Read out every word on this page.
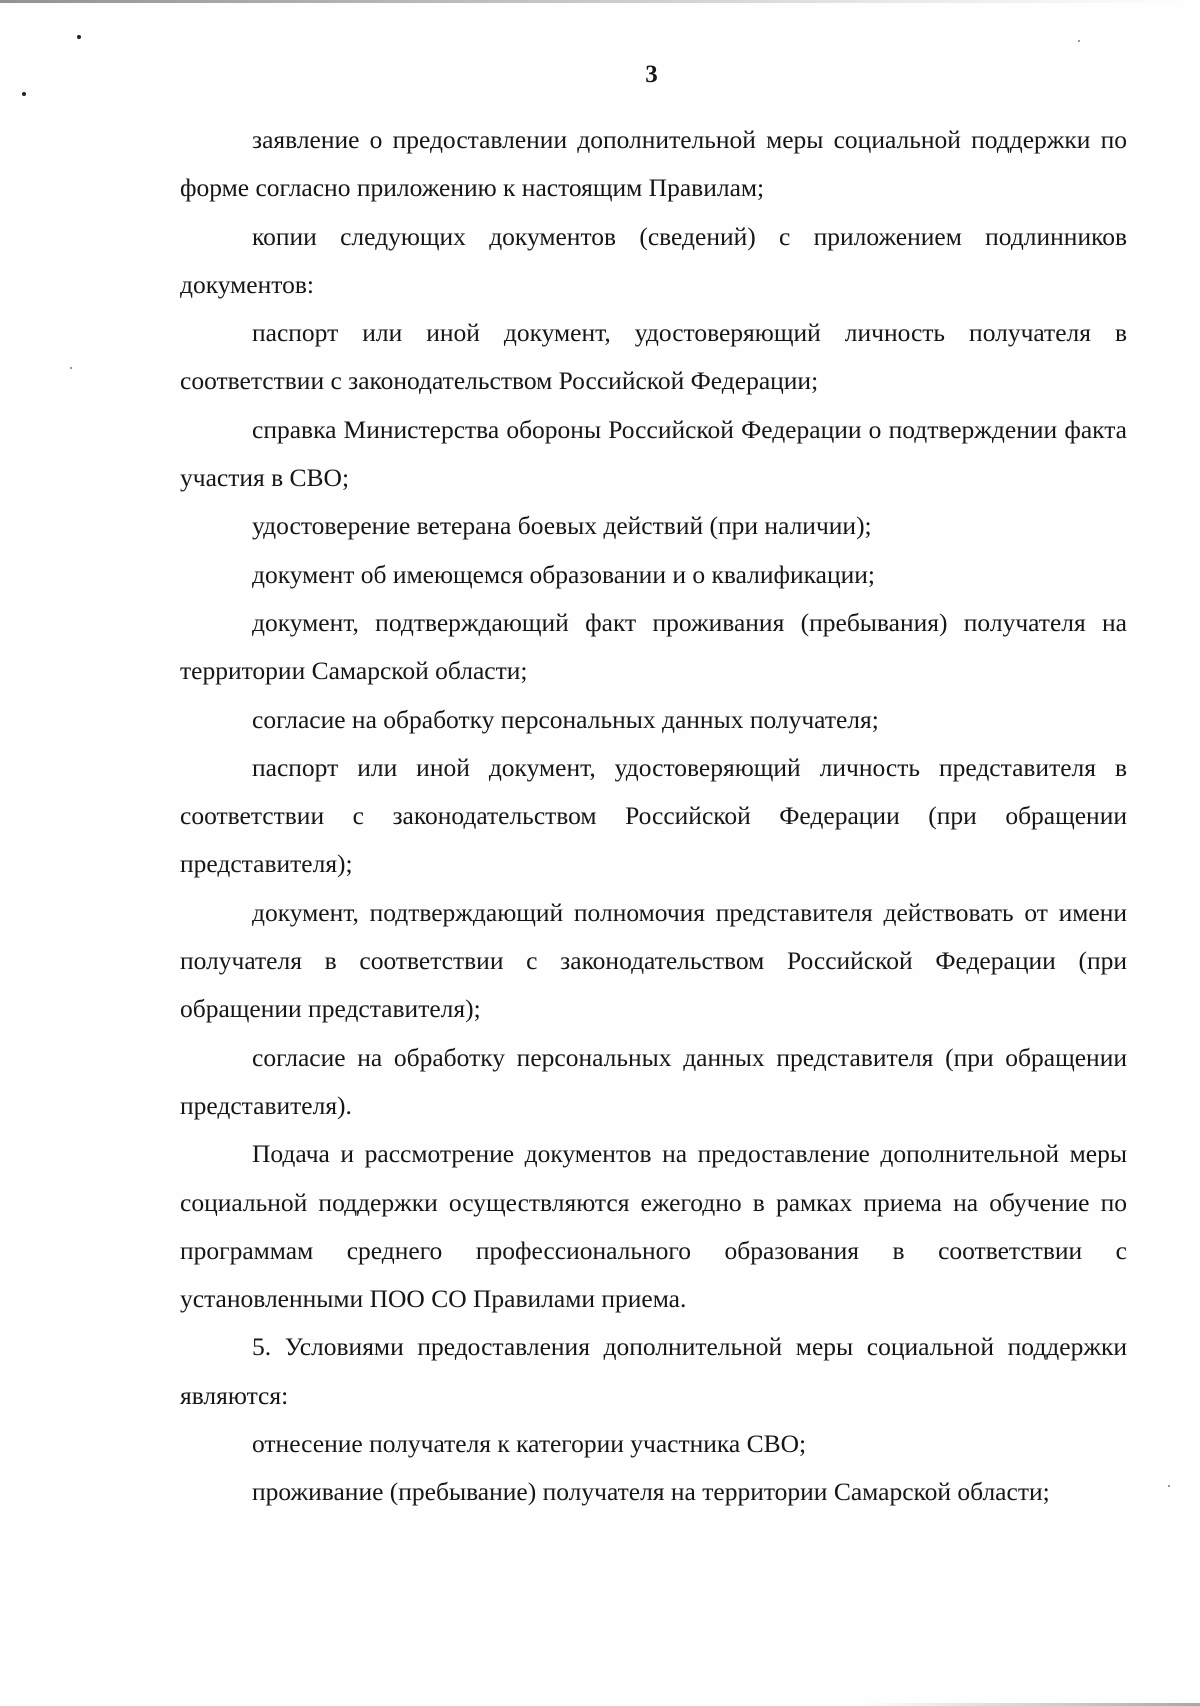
3

заявление о предоставлении дополнительной меры социальной поддержки по форме согласно приложению к настоящим Правилам;

копии следующих документов (сведений) с приложением подлинников документов:

паспорт или иной документ, удостоверяющий личность получателя в соответствии с законодательством Российской Федерации;

справка Министерства обороны Российской Федерации о подтверждении факта участия в СВО;

удостоверение ветерана боевых действий (при наличии);

документ об имеющемся образовании и о квалификации;

документ, подтверждающий факт проживания (пребывания) получателя на территории Самарской области;

согласие на обработку персональных данных получателя;

паспорт или иной документ, удостоверяющий личность представителя в соответствии с законодательством Российской Федерации (при обращении представителя);

документ, подтверждающий полномочия представителя действовать от имени получателя в соответствии с законодательством Российской Федерации (при обращении представителя);

согласие на обработку персональных данных представителя (при обращении представителя).

Подача и рассмотрение документов на предоставление дополнительной меры социальной поддержки осуществляются ежегодно в рамках приема на обучение по программам среднего профессионального образования в соответствии с установленными ПОО СО Правилами приема.

5. Условиями предоставления дополнительной меры социальной поддержки являются:

отнесение получателя к категории участника СВО;

проживание (пребывание) получателя на территории Самарской области;
